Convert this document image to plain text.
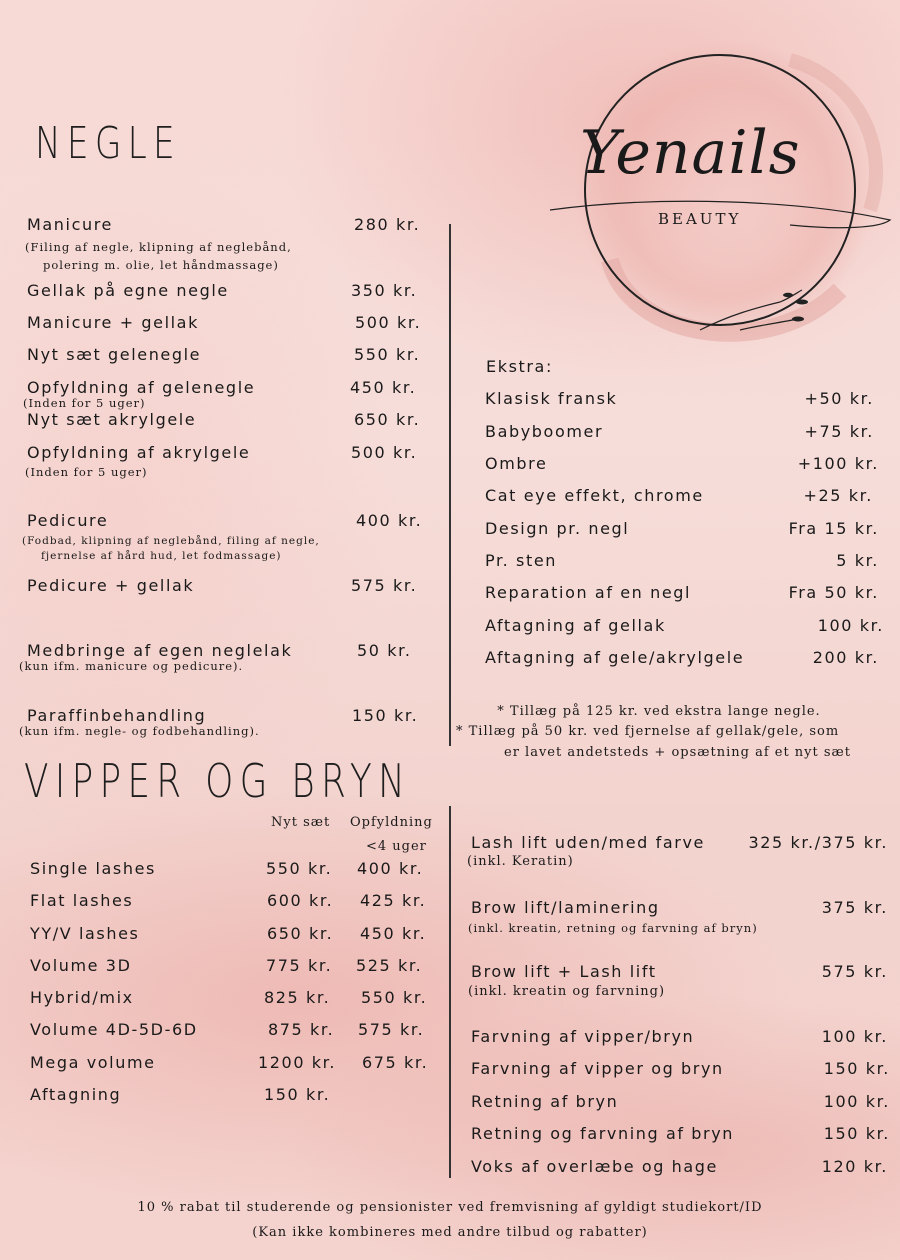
Yenails
BEAUTY
NEGLE
Manicure	280 kr.
(Filing af negle, klipning af neglebånd,
polering m. olie, let håndmassage)
Gellak på egne negle	350 kr.
Manicure + gellak	500 kr.
Nyt sæt gelenegle	550 kr.
Opfyldning af gelenegle	450 kr.
(Inden for 5 uger)
Nyt sæt akrylgele	650 kr.
Opfyldning af akrylgele	500 kr.
(Inden for 5 uger)
Pedicure	400 kr.
(Fodbad, klipning af neglebånd, filing af negle,
fjernelse af hård hud, let fodmassage)
Pedicure + gellak	575 kr.
Medbringe af egen neglelak	50 kr.
(kun ifm. manicure og pedicure).
Paraffinbehandling	150 kr.
(kun ifm. negle- og fodbehandling).
Ekstra:
Klasisk fransk	+50 kr.
Babyboomer	+75 kr.
Ombre	+100 kr.
Cat eye effekt, chrome	+25 kr.
Design pr. negl	Fra 15 kr.
Pr. sten	5 kr.
Reparation af en negl	Fra 50 kr.
Aftagning af gellak	100 kr.
Aftagning af gele/akrylgele	200 kr.
* Tillæg på 125 kr. ved ekstra lange negle.
* Tillæg på 50 kr. ved fjernelse af gellak/gele, som
er lavet andetsteds + opsætning af et nyt sæt
VIPPER OG BRYN
Nyt sæt Opfyldning
<4 uger
Single lashes	550 kr. 400 kr.
Flat lashes	600 kr. 425 kr.
YY/V lashes	650 kr. 450 kr.
Volume 3D	775 kr. 525 kr.
Hybrid/mix	825 kr. 550 kr.
Volume 4D-5D-6D	875 kr. 575 kr.
Mega volume	1200 kr. 675 kr.
Aftagning	150 kr.
Lash lift uden/med farve	325 kr./375 kr.
(inkl. Keratin)
Brow lift/laminering	375 kr.
(inkl. kreatin, retning og farvning af bryn)
Brow lift + Lash lift	575 kr.
(inkl. kreatin og farvning)
Farvning af vipper/bryn	100 kr.
Farvning af vipper og bryn	150 kr.
Retning af bryn	100 kr.
Retning og farvning af bryn	150 kr.
Voks af overlæbe og hage	120 kr.
10 % rabat til studerende og pensionister ved fremvisning af gyldigt studiekort/ID
(Kan ikke kombineres med andre tilbud og rabatter)
